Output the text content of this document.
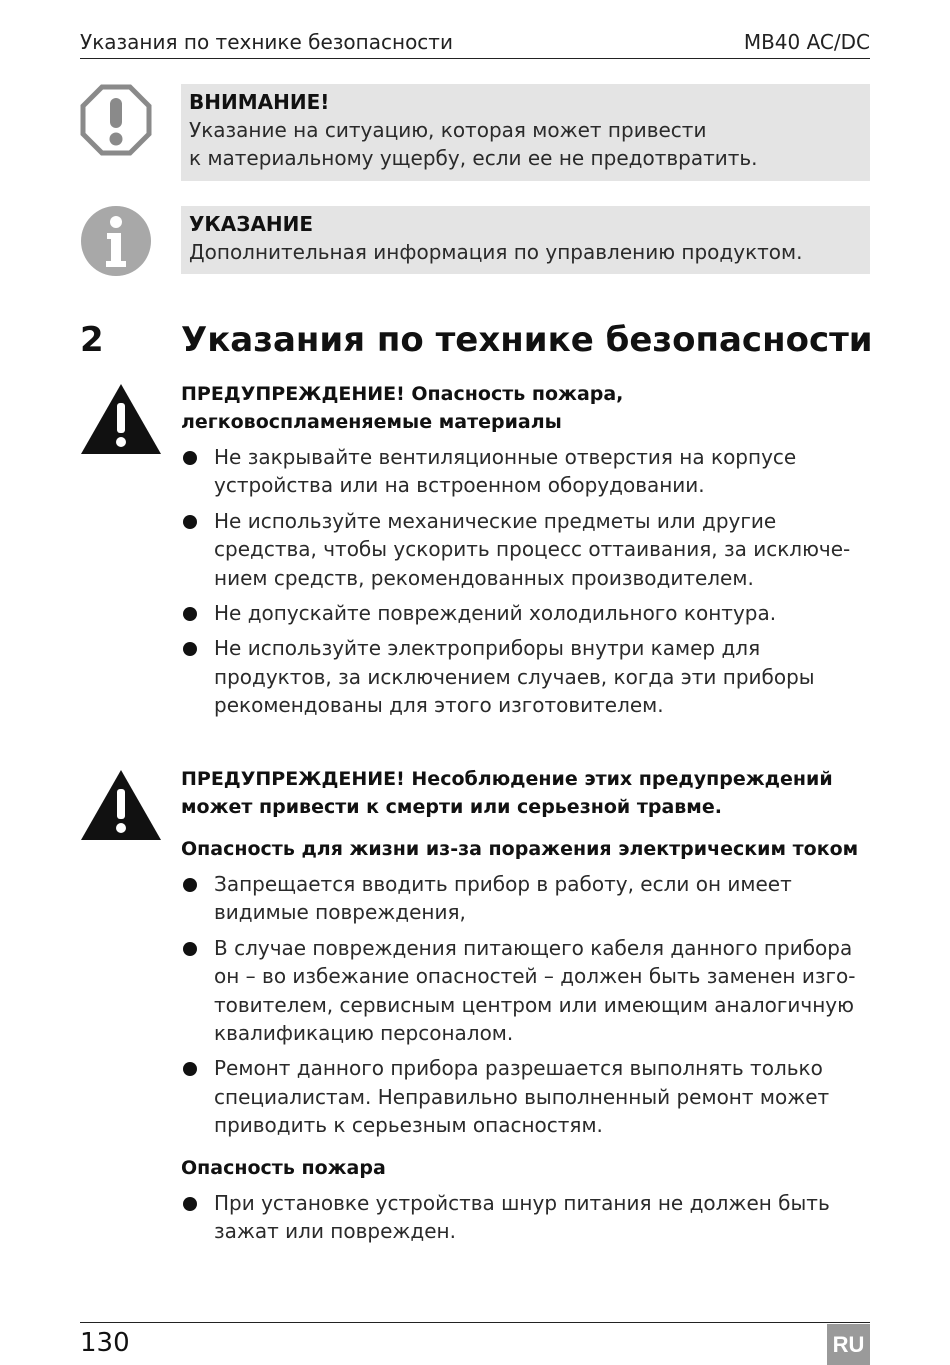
Указания по технике безопасности	MB40 AC/DC
ВНИМАНИЕ!
Указание на ситуацию, которая может привести
к материальному ущербу, если ее не предотвратить.
УКАЗАНИЕ
Дополнительная информация по управлению продуктом.
2 Указания по технике безопасности
ПРЕДУПРЕЖДЕНИЕ! Опасность пожара,
легковоспламеняемые материалы
Не закрывайте вентиляционные отверстия на корпусе
устройства или на встроенном оборудовании.
Не используйте механические предметы или другие
средства, чтобы ускорить процесс оттаивания, за исключе-
нием средств, рекомендованных производителем.
Не допускайте повреждений холодильного контура.
Не используйте электроприборы внутри камер для
продуктов, за исключением случаев, когда эти приборы
рекомендованы для этого изготовителем.
ПРЕДУПРЕЖДЕНИЕ! Несоблюдение этих предупреждений
может привести к смерти или серьезной травме.
Опасность для жизни из-за поражения электрическим током
Запрещается вводить прибор в работу, если он имеет
видимые повреждения,
В случае повреждения питающего кабеля данного прибора
он – во избежание опасностей – должен быть заменен изго-
товителем, сервисным центром или имеющим аналогичную
квалификацию персоналом.
Ремонт данного прибора разрешается выполнять только
специалистам. Неправильно выполненный ремонт может
приводить к серьезным опасностям.
Опасность пожара
При установке устройства шнур питания не должен быть
зажат или поврежден.
130	RU
